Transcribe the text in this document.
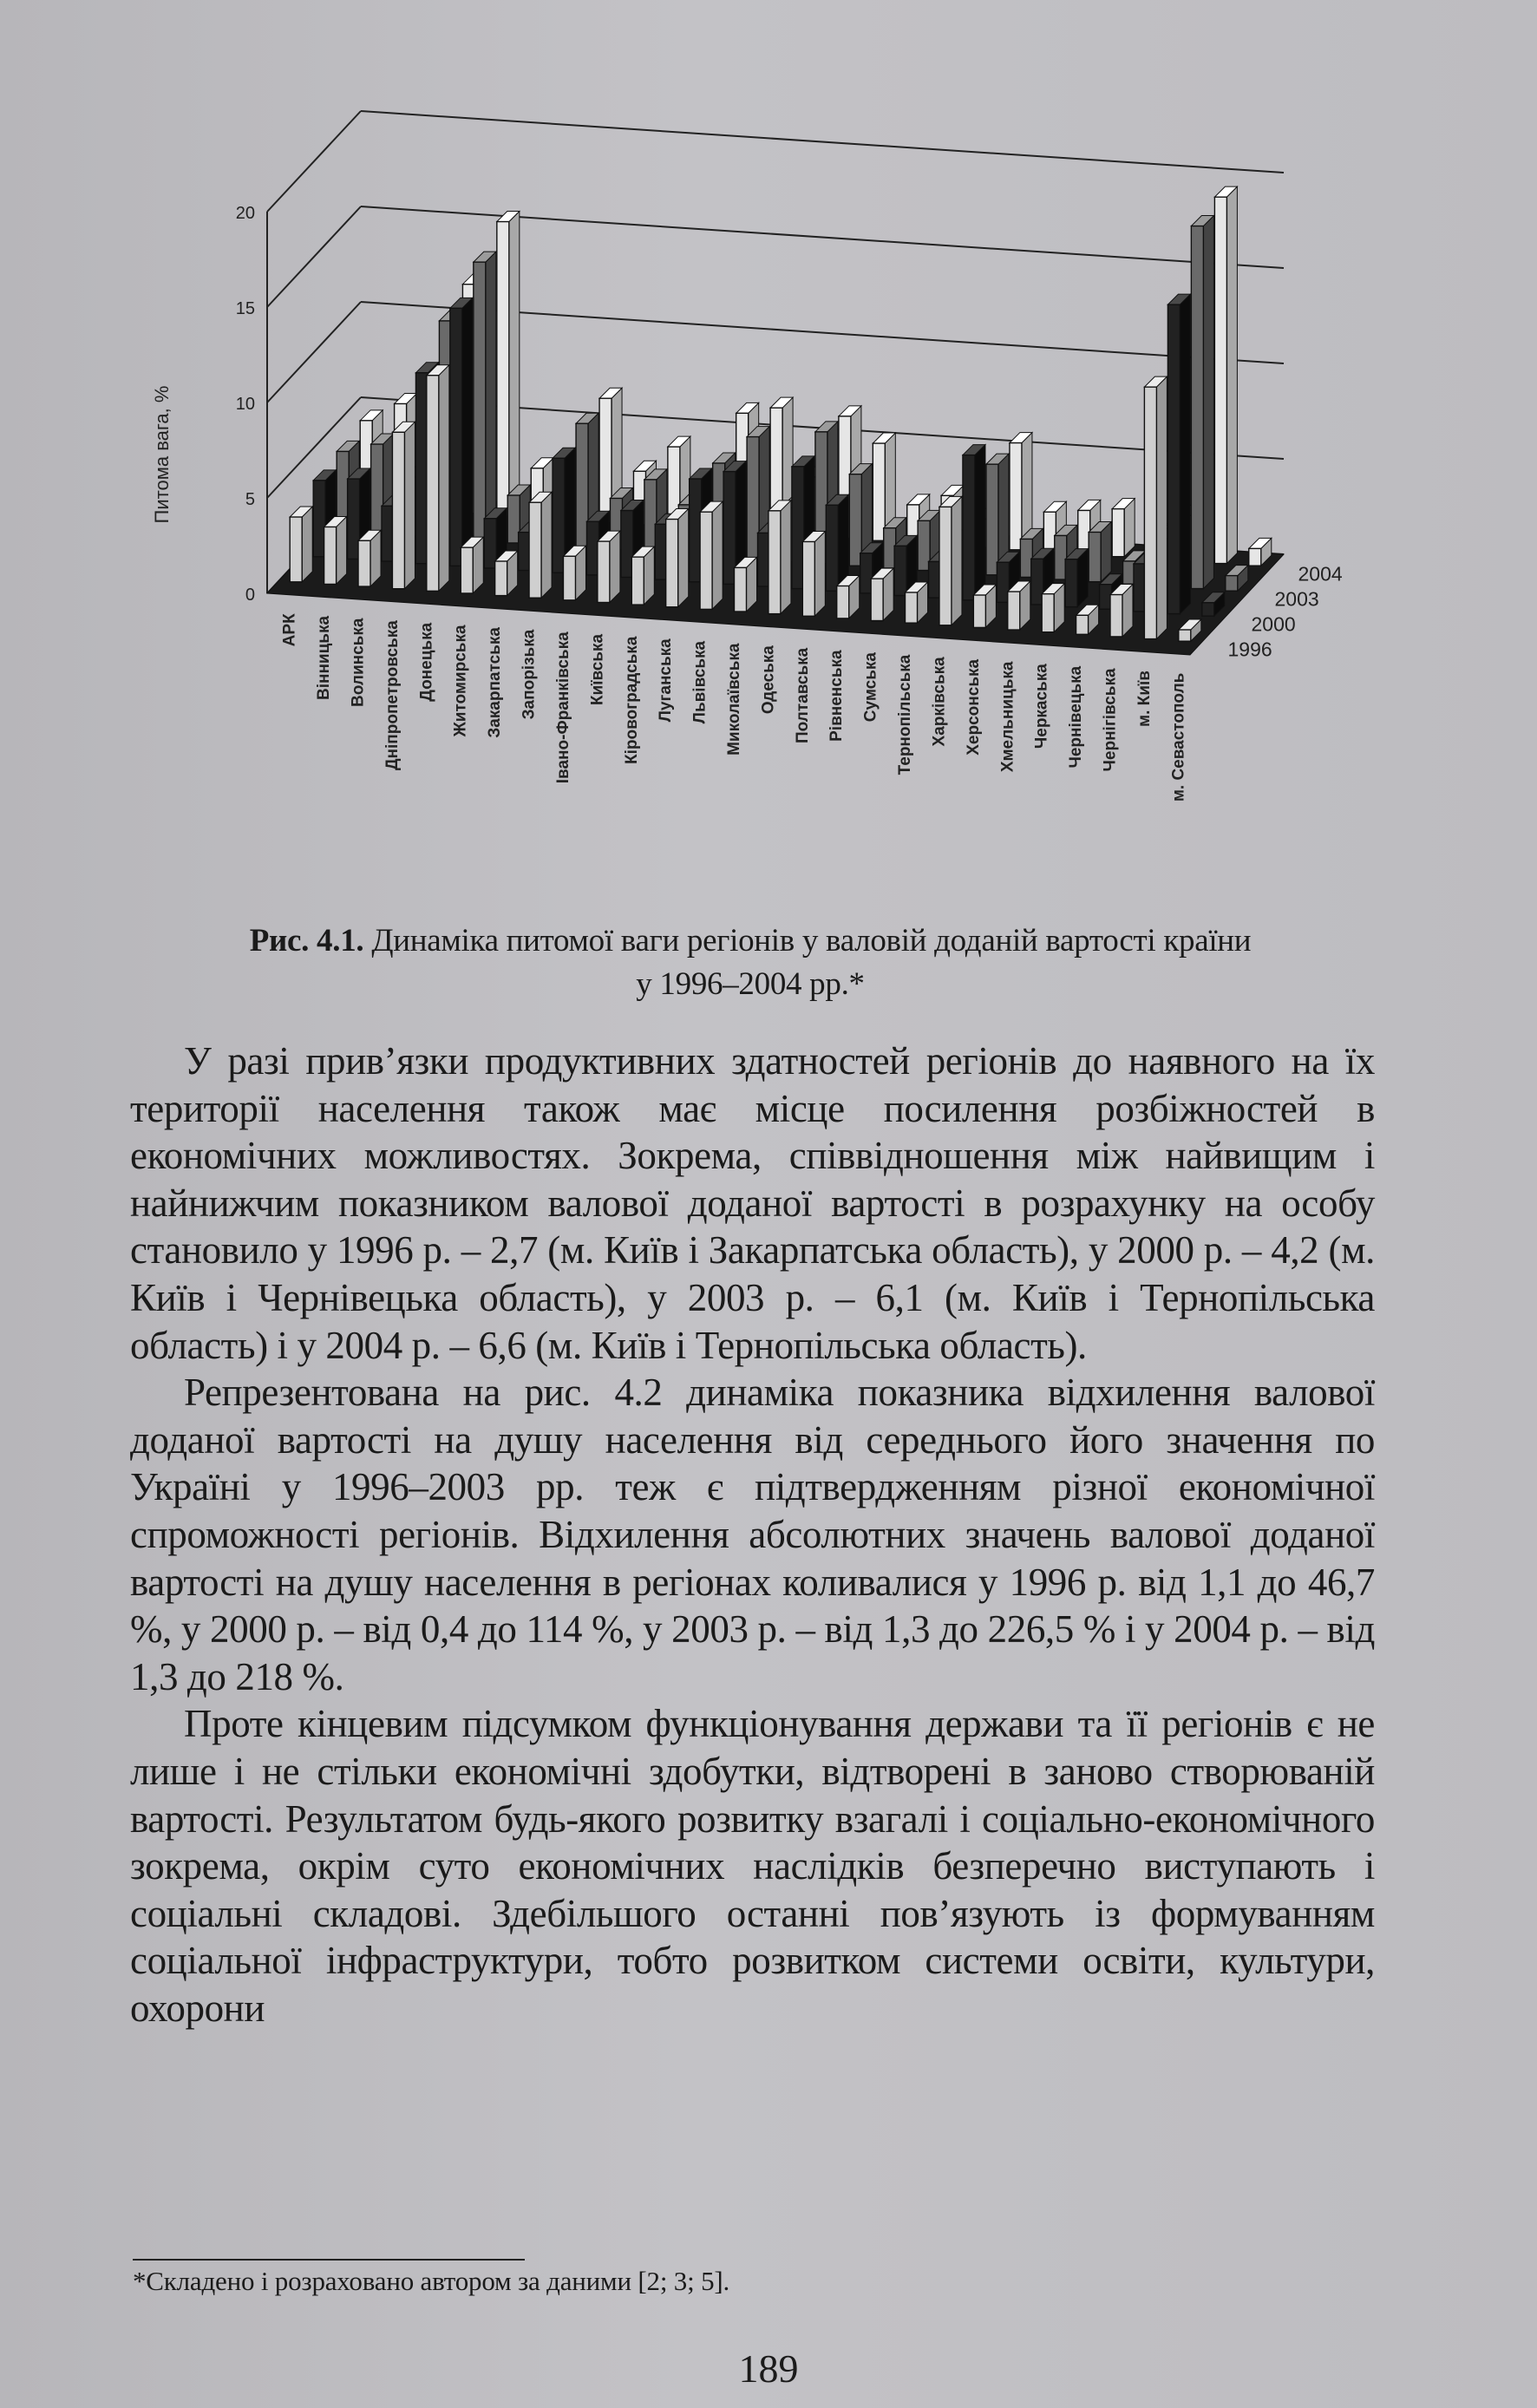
0
5
10
15
20
Питома вага, %
АРК Вінницька Волинська Дніпропетровська Донецька Житомирська Закарпатська Запорізька Івано-Франківська Київська Кіровоградська Луганська Львівська Миколаївська Одеська Полтавська Рівненська Сумська Тернопільська Харківська Херсонська Хмельницька Черкаська Чернівецька Чернігівська м. Київ м. Севастополь
1996
2000
2003
2004
Рис. 4.1. Динаміка питомої ваги регіонів у валовій доданій вартості країни
у 1996–2004 рр.*

У разі прив’язки продуктивних здатностей регіонів до наявного на їх території населення також має місце посилення розбіжностей в економічних можливостях. Зокрема, співвідношення між найвищим і найнижчим показником валової доданої вартості в розрахунку на особу становило у 1996 р. – 2,7 (м. Київ і Закарпатська область), у 2000 р. – 4,2 (м. Київ і Чернівецька область), у 2003 р. – 6,1 (м. Київ і Тернопільська область) і у 2004 р. – 6,6 (м. Київ і Тернопільська область).

Репрезентована на рис. 4.2 динаміка показника відхилення валової доданої вартості на душу населення від середнього його значення по Україні у 1996–2003 рр. теж є підтвердженням різної економічної спроможності регіонів. Відхилення абсолютних значень валової доданої вартості на душу населення в регіонах коливалися у 1996 р. від 1,1 до 46,7 %, у 2000 р. – від 0,4 до 114 %, у 2003 р. – від 1,3 до 226,5 % і у 2004 р. – від 1,3 до 218 %.

Проте кінцевим підсумком функціонування держави та її регіонів є не лише і не стільки економічні здобутки, відтворені в заново створюваній вартості. Результатом будь-якого розвитку взагалі і соціально-економічного зокрема, окрім суто економічних наслідків безперечно виступають і соціальні складові. Здебільшого останні пов’язують із формуванням соціальної інфраструктури, тобто розвитком системи освіти, культури, охорони

*Складено і розраховано автором за даними [2; 3; 5].
189
